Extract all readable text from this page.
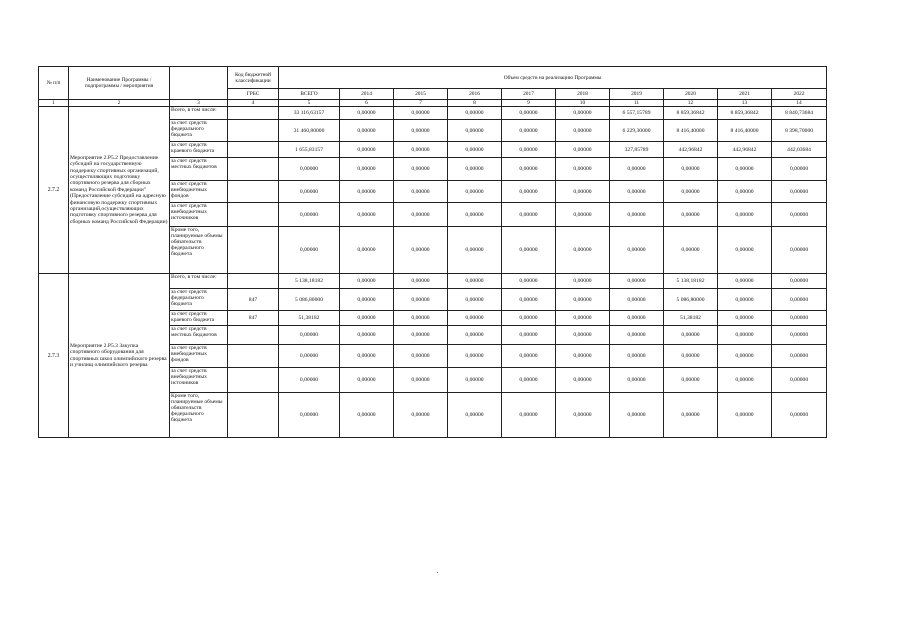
№ п/п	Наименование Программы / подпрограммы / мероприятия		Код бюджетной классификации	Объем средств на реализацию Программы									
			ГРБС	ВСЕГО	2014	2015	2016	2017	2018	2019	2020	2021	2022
1	2	3	4	5	6	7	8	9	10	11	12	13	14
2.7.2	Мероприятие 2.Р5.2 Предоставление субсидий на государственную поддержку спортивных организаций, осуществляющих подготовку спортивного резерва для сборных команд Российской Федерации" (Предоставление субсидий на адресную финансовую поддержку спортивных организаций,осуществляющих подготовку спортивного резерва для сборных команд Российской Федерации)	Всего, в том числе:		33 116,63157	0,00000	0,00000	0,00000	0,00000	0,00000	6 557,15789	8 859,36842	8 859,36842	8 840,73684
		за счет средств федерального бюджета		31 460,80000	0,00000	0,00000	0,00000	0,00000	0,00000	6 229,30000	8 416,40000	8 416,40000	8 398,70000
		за счет средств краевого бюджета		1 655,83157	0,00000	0,00000	0,00000	0,00000	0,00000	327,85789	442,96842	442,96842	442,03684
		за счет средств местных бюджетов		0,00000	0,00000	0,00000	0,00000	0,00000	0,00000	0,00000	0,00000	0,00000	0,00000
		за счет средств внебюджетных фондов		0,00000	0,00000	0,00000	0,00000	0,00000	0,00000	0,00000	0,00000	0,00000	0,00000
		за счет средств внебюджетных источников		0,00000	0,00000	0,00000	0,00000	0,00000	0,00000	0,00000	0,00000	0,00000	0,00000
		Кроме того, планируемые объемы обязательств федерального бюджета		0,00000	0,00000	0,00000	0,00000	0,00000	0,00000	0,00000	0,00000	0,00000	0,00000
2.7.3	Мероприятие 2.Р5.3 Закупка спортивного оборудования для спортивных школ олимпийского резерва и училищ олимпийского резерва	Всего, в том числе:		5 138,18182	0,00000	0,00000	0,00000	0,00000	0,00000	0,00000	5 138,18182	0,00000	0,00000
		за счет средств федерального бюджета	847	5 086,80000	0,00000	0,00000	0,00000	0,00000	0,00000	0,00000	5 086,80000	0,00000	0,00000
		за счет средств краевого бюджета	847	51,38182	0,00000	0,00000	0,00000	0,00000	0,00000	0,00000	51,38182	0,00000	0,00000
		за счет средств местных бюджетов		0,00000	0,00000	0,00000	0,00000	0,00000	0,00000	0,00000	0,00000	0,00000	0,00000
		за счет средств внебюджетных фондов		0,00000	0,00000	0,00000	0,00000	0,00000	0,00000	0,00000	0,00000	0,00000	0,00000
		за счет средств внебюджетных источников		0,00000	0,00000	0,00000	0,00000	0,00000	0,00000	0,00000	0,00000	0,00000	0,00000
		Кроме того, планируемые объемы обязательств федерального бюджета		0,00000	0,00000	0,00000	0,00000	0,00000	0,00000	0,00000	0,00000	0,00000	0,00000
